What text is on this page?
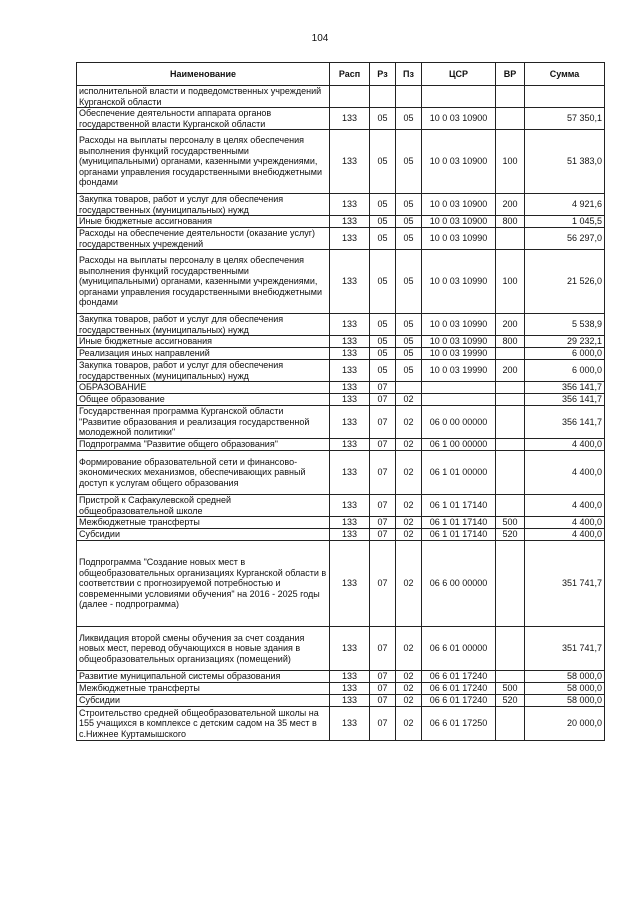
104
Наименование	Расп	Рз	Пз	ЦСР	ВР	Сумма
исполнительной власти и подведомственных учреждений Курганской области						
Обеспечение деятельности аппарата органов государственной власти Курганской области	133	05	05	10 0 03 10900		57 350,1
Расходы на выплаты персоналу в целях обеспечения выполнения функций государственными (муниципальными) органами, казенными учреждениями, органами управления государственными внебюджетными фондами	133	05	05	10 0 03 10900	100	51 383,0
Закупка товаров, работ и услуг для обеспечения государственных (муниципальных) нужд	133	05	05	10 0 03 10900	200	4 921,6
Иные бюджетные ассигнования	133	05	05	10 0 03 10900	800	1 045,5
Расходы на обеспечение деятельности (оказание услуг) государственных учреждений	133	05	05	10 0 03 10990		56 297,0
Расходы на выплаты персоналу в целях обеспечения выполнения функций государственными (муниципальными) органами, казенными учреждениями, органами управления государственными внебюджетными фондами	133	05	05	10 0 03 10990	100	21 526,0
Закупка товаров, работ и услуг для обеспечения государственных (муниципальных) нужд	133	05	05	10 0 03 10990	200	5 538,9
Иные бюджетные ассигнования	133	05	05	10 0 03 10990	800	29 232,1
Реализация иных направлений	133	05	05	10 0 03 19990		6 000,0
Закупка товаров, работ и услуг для обеспечения государственных (муниципальных) нужд	133	05	05	10 0 03 19990	200	6 000,0
ОБРАЗОВАНИЕ	133	07				356 141,7
Общее образование	133	07	02			356 141,7
Государственная программа Курганской области "Развитие образования и реализация государственной молодежной политики"	133	07	02	06 0 00 00000		356 141,7
Подпрограмма "Развитие общего образования"	133	07	02	06 1 00 00000		4 400,0
Формирование образовательной сети и финансово-экономических механизмов, обеспечивающих равный доступ к услугам общего образования	133	07	02	06 1 01 00000		4 400,0
Пристрой к Сафакулевской средней общеобразовательной школе	133	07	02	06 1 01 17140		4 400,0
Межбюджетные трансферты	133	07	02	06 1 01 17140	500	4 400,0
Субсидии	133	07	02	06 1 01 17140	520	4 400,0
Подпрограмма "Создание новых мест в общеобразовательных организациях Курганской области в соответствии с прогнозируемой потребностью и современными условиями обучения" на 2016 - 2025 годы (далее - подпрограмма)	133	07	02	06 6 00 00000		351 741,7
Ликвидация второй смены обучения за счет создания новых мест, перевод обучающихся в новые здания в общеобразовательных организациях (помещений)	133	07	02	06 6 01 00000		351 741,7
Развитие муниципальной системы образования	133	07	02	06 6 01 17240		58 000,0
Межбюджетные трансферты	133	07	02	06 6 01 17240	500	58 000,0
Субсидии	133	07	02	06 6 01 17240	520	58 000,0
Строительство средней общеобразовательной школы на 155 учащихся в комплексе с детским садом на 35 мест в с.Нижнее Куртамышского	133	07	02	06 6 01 17250		20 000,0
